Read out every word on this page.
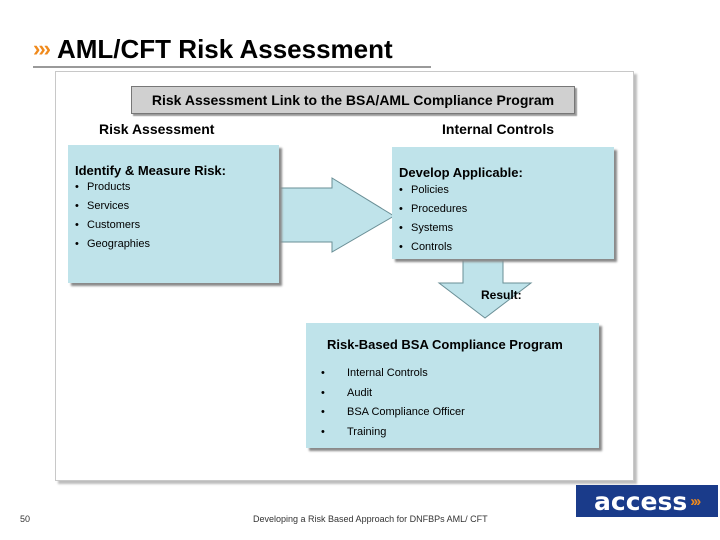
››› AML/CFT Risk Assessment
Risk Assessment Link to the BSA/AML Compliance Program
Risk Assessment	Internal Controls
Identify & Measure Risk:
• Products
• Services
• Customers
• Geographies
Develop Applicable:
• Policies
• Procedures
• Systems
• Controls
Result:
Risk-Based BSA Compliance Program
• Internal Controls
• Audit
• BSA Compliance Officer
• Training
50	Developing a Risk Based Approach for DNFBPs AML/ CFT
access ›››
